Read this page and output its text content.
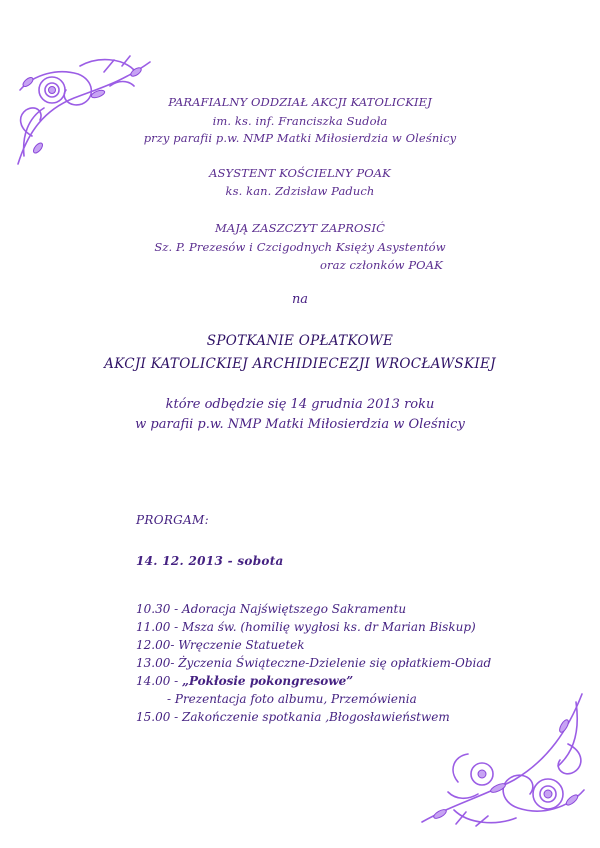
PARAFIALNY ODDZIAŁ AKCJI KATOLICKIEJ
im. ks. inf. Franciszka Sudoła
przy parafii p.w. NMP Matki Miłosierdzia w Oleśnicy
ASYSTENT KOŚCIELNY POAK
ks. kan. Zdzisław Paduch
MAJĄ ZASZCZYT ZAPROSIĆ
Sz. P. Prezesów i Czcigodnych Księży Asystentów
oraz członków POAK
na
SPOTKANIE OPŁATKOWE
AKCJI KATOLICKIEJ ARCHIDIECEZJI WROCŁAWSKIEJ
które odbędzie się 14 grudnia 2013 roku
w parafii p.w. NMP Matki Miłosierdzia w Oleśnicy
PRORGAM:
14. 12. 2013 - sobota
10.30 - Adoracja Najświętszego Sakramentu
11.00 - Msza św. (homilię wygłosi ks. dr Marian Biskup)
12.00- Wręczenie Statuetek
13.00- Życzenia Świąteczne-Dzielenie się opłatkiem-Obiad
14.00 - „Pokłosie pokongresowe”
- Prezentacja foto albumu, Przemówienia
15.00 - Zakończenie spotkania ,Błogosławieństwem
